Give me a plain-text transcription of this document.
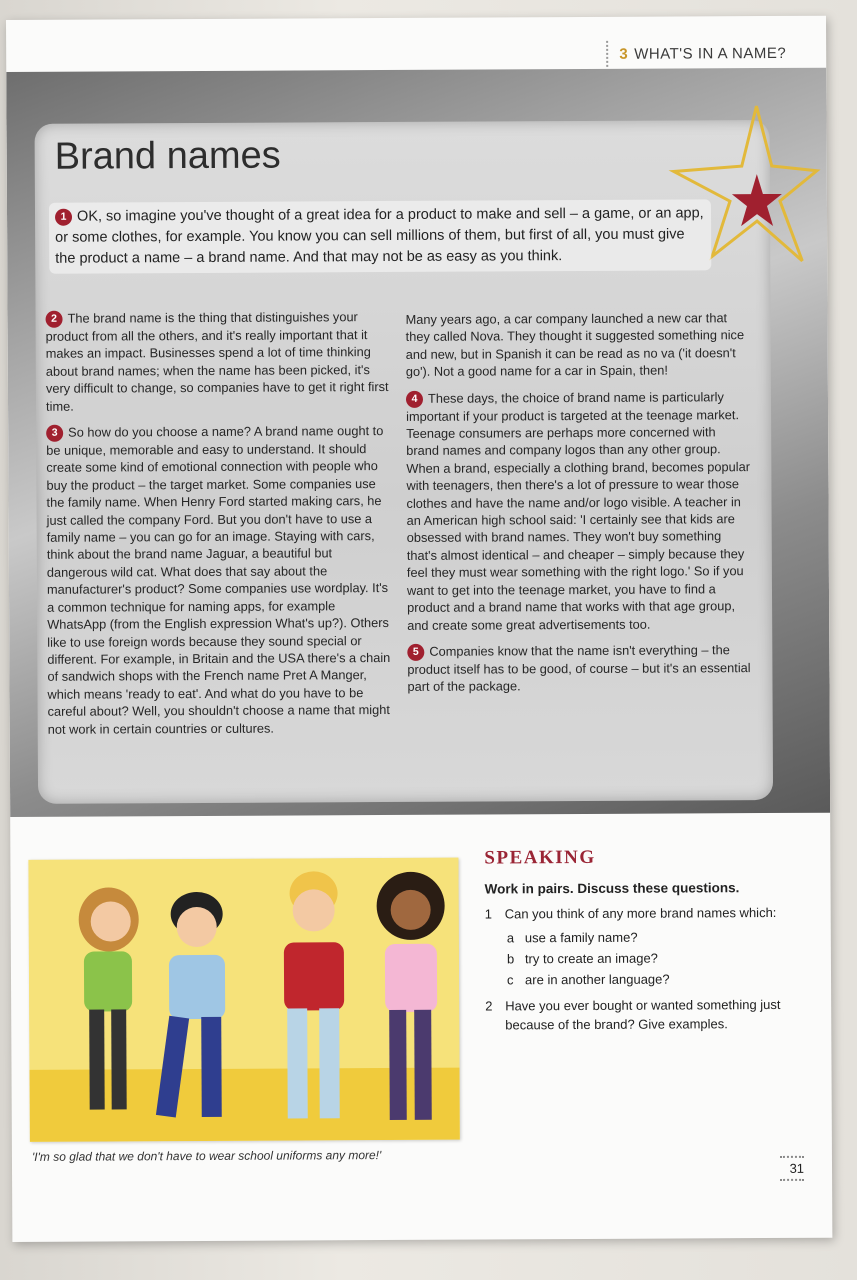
3 WHAT'S IN A NAME?
Brand names
1 OK, so imagine you've thought of a great idea for a product to make and sell – a game, or an app, or some clothes, for example. You know you can sell millions of them, but first of all, you must give the product a name – a brand name. And that may not be as easy as you think.

2 The brand name is the thing that distinguishes your product from all the others, and it's really important that it makes an impact. Businesses spend a lot of time thinking about brand names; when the name has been picked, it's very difficult to change, so companies have to get it right first time.

3 So how do you choose a name? A brand name ought to be unique, memorable and easy to understand. It should create some kind of emotional connection with people who buy the product – the target market. Some companies use the family name. When Henry Ford started making cars, he just called the company Ford. But you don't have to use a family name – you can go for an image. Staying with cars, think about the brand name Jaguar, a beautiful but dangerous wild cat. What does that say about the manufacturer's product? Some companies use wordplay. It's a common technique for naming apps, for example WhatsApp (from the English expression What's up?). Others like to use foreign words because they sound special or different. For example, in Britain and the USA there's a chain of sandwich shops with the French name Pret A Manger, which means 'ready to eat'. And what do you have to be careful about? Well, you shouldn't choose a name that might not work in certain countries or cultures.

Many years ago, a car company launched a new car that they called Nova. They thought it suggested something nice and new, but in Spanish it can be read as no va ('it doesn't go'). Not a good name for a car in Spain, then!

4 These days, the choice of brand name is particularly important if your product is targeted at the teenage market. Teenage consumers are perhaps more concerned with brand names and company logos than any other group. When a brand, especially a clothing brand, becomes popular with teenagers, then there's a lot of pressure to wear those clothes and have the name and/or logo visible. A teacher in an American high school said: 'I certainly see that kids are obsessed with brand names. They won't buy something that's almost identical – and cheaper – simply because they feel they must wear something with the right logo.' So if you want to get into the teenage market, you have to find a product and a brand name that works with that age group, and create some great advertisements too.

5 Companies know that the name isn't everything – the product itself has to be good, of course – but it's an essential part of the package.

'I'm so glad that we don't have to wear school uniforms any more!'
SPEAKING
Work in pairs. Discuss these questions.
1 Can you think of any more brand names which:
a use a family name?
b try to create an image?
c are in another language?
2 Have you ever bought or wanted something just because of the brand? Give examples.
31
